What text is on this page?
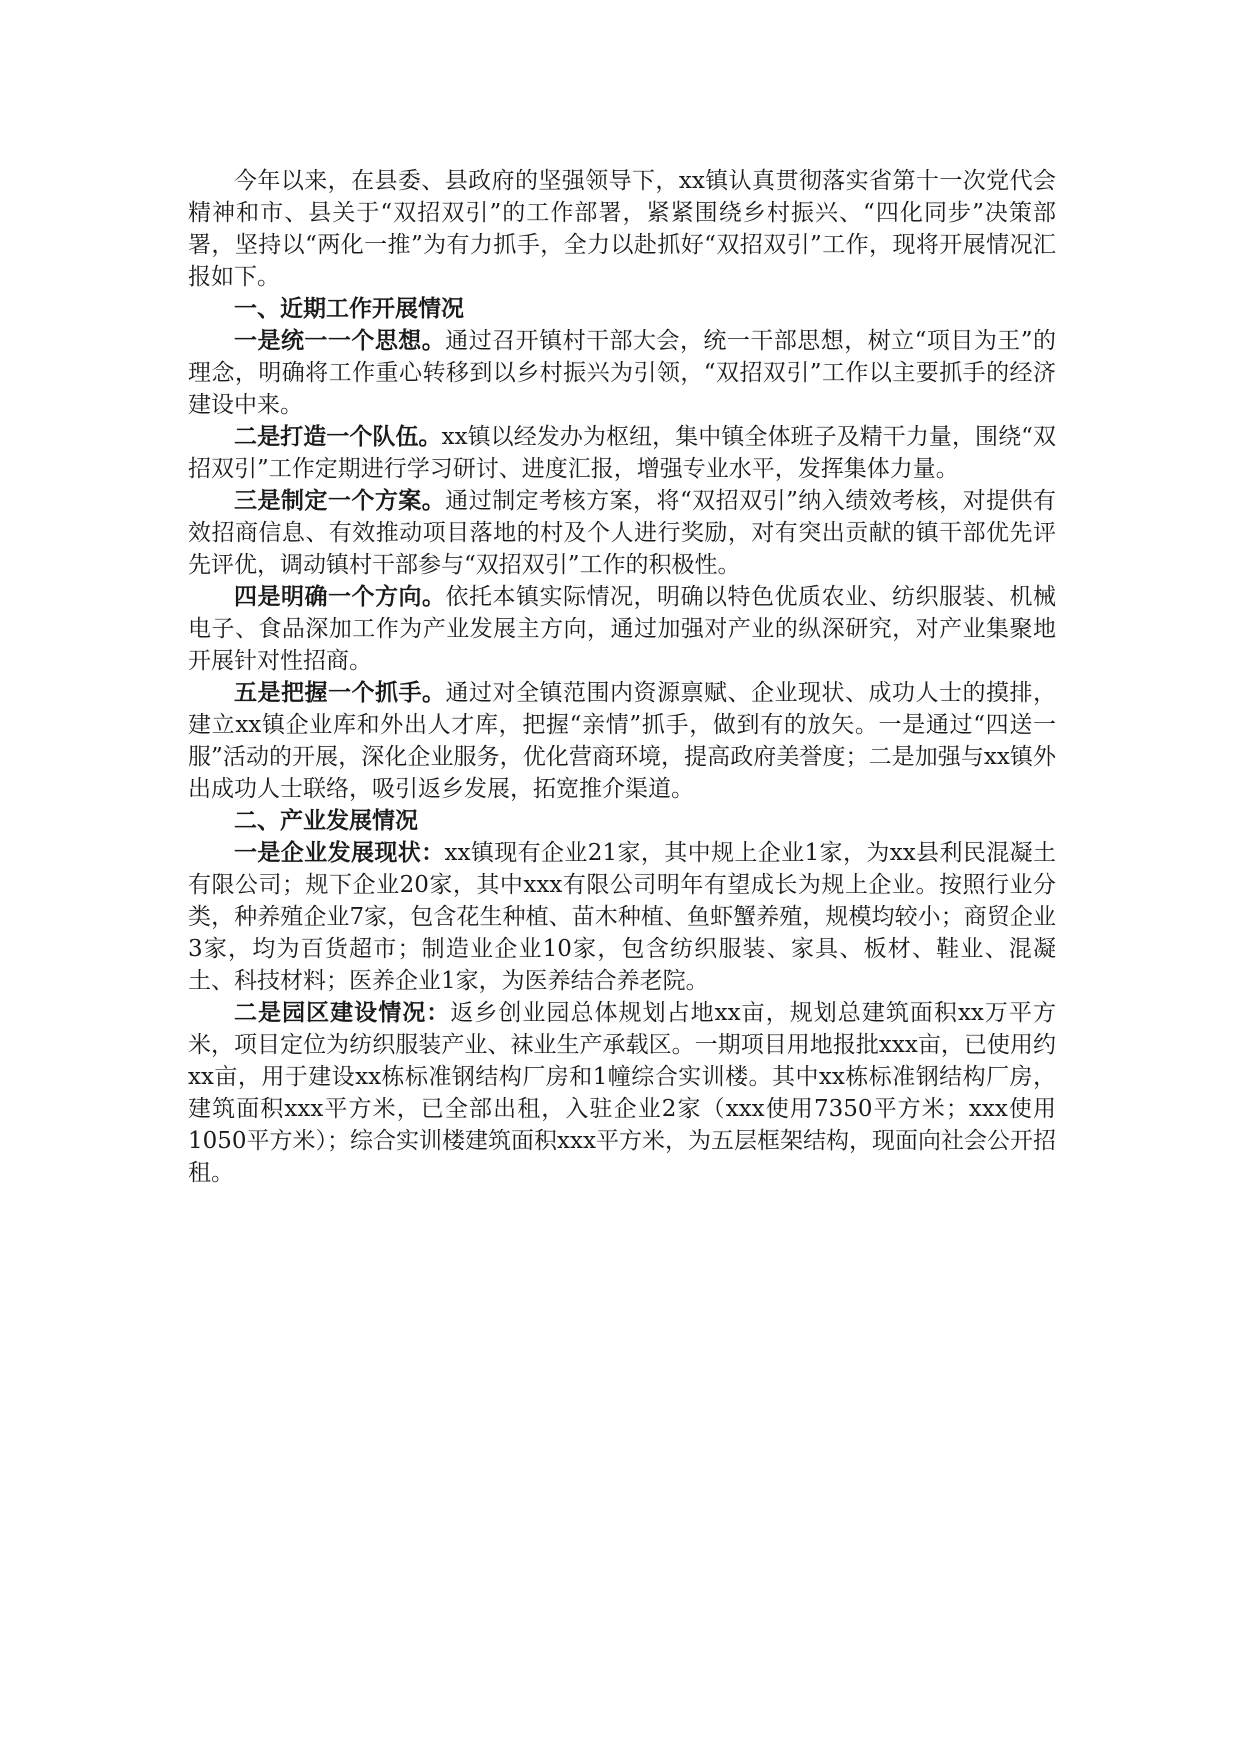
今年以来，在县委、县政府的坚强领导下，xx镇认真贯彻落实省第十一次党代会精神和市、县关于“双招双引”的工作部署，紧紧围绕乡村振兴、“四化同步”决策部署，坚持以“两化一推”为有力抓手，全力以赴抓好“双招双引”工作，现将开展情况汇报如下。

一、近期工作开展情况

一是统一一个思想。通过召开镇村干部大会，统一干部思想，树立“项目为王”的理念，明确将工作重心转移到以乡村振兴为引领，“双招双引”工作以主要抓手的经济建设中来。

二是打造一个队伍。xx镇以经发办为枢纽，集中镇全体班子及精干力量，围绕“双招双引”工作定期进行学习研讨、进度汇报，增强专业水平，发挥集体力量。

三是制定一个方案。通过制定考核方案，将“双招双引”纳入绩效考核，对提供有效招商信息、有效推动项目落地的村及个人进行奖励，对有突出贡献的镇干部优先评先评优，调动镇村干部参与“双招双引”工作的积极性。

四是明确一个方向。依托本镇实际情况，明确以特色优质农业、纺织服装、机械电子、食品深加工作为产业发展主方向，通过加强对产业的纵深研究，对产业集聚地开展针对性招商。

五是把握一个抓手。通过对全镇范围内资源禀赋、企业现状、成功人士的摸排，建立xx镇企业库和外出人才库，把握“亲情”抓手，做到有的放矢。一是通过“四送一服”活动的开展，深化企业服务，优化营商环境，提高政府美誉度；二是加强与xx镇外出成功人士联络，吸引返乡发展，拓宽推介渠道。

二、产业发展情况

一是企业发展现状：xx镇现有企业21家，其中规上企业1家，为xx县利民混凝土有限公司；规下企业20家，其中xxx有限公司明年有望成长为规上企业。按照行业分类，种养殖企业7家，包含花生种植、苗木种植、鱼虾蟹养殖，规模均较小；商贸企业3家，均为百货超市；制造业企业10家，包含纺织服装、家具、板材、鞋业、混凝土、科技材料；医养企业1家，为医养结合养老院。

二是园区建设情况：返乡创业园总体规划占地xx亩，规划总建筑面积xx万平方米，项目定位为纺织服装产业、袜业生产承载区。一期项目用地报批xxx亩，已使用约xx亩，用于建设xx栋标准钢结构厂房和1幢综合实训楼。其中xx栋标准钢结构厂房，建筑面积xxx平方米，已全部出租，入驻企业2家（xxx使用7350平方米；xxx使用1050平方米）；综合实训楼建筑面积xxx平方米，为五层框架结构，现面向社会公开招租。
